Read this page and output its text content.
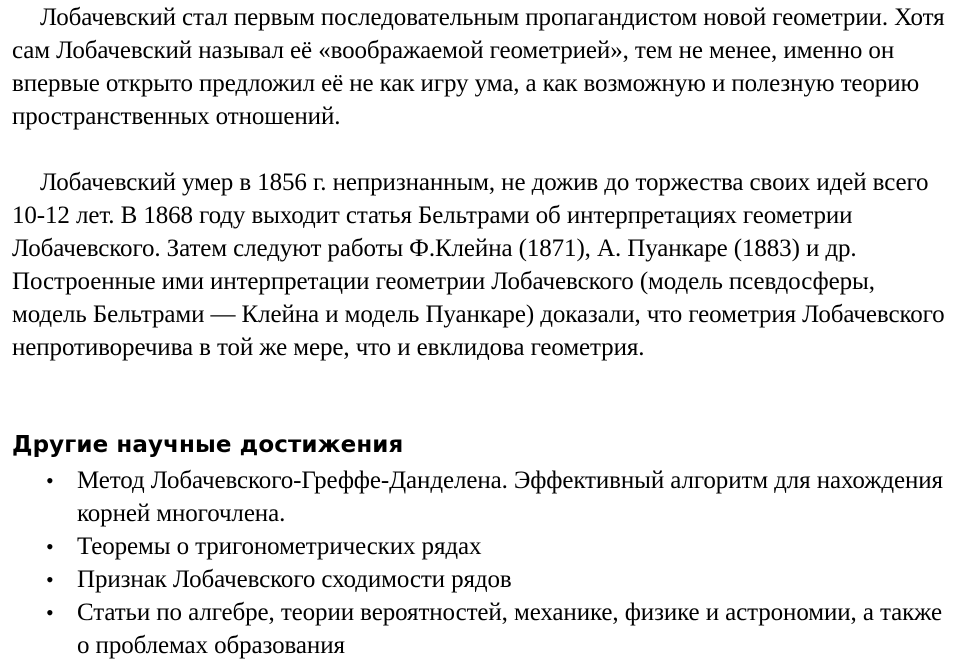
Лобачевский стал первым последовательным пропагандистом новой геометрии. Хотя сам Лобачевский называл её «воображаемой геометрией», тем не менее, именно он впервые открыто предложил её не как игру ума, а как возможную и полезную теорию пространственных отношений.

Лобачевский умер в 1856 г. непризнанным, не дожив до торжества своих идей всего 10-12 лет. В 1868 году выходит статья Бельтрами об интерпретациях геометрии Лобачевского. Затем следуют работы Ф.Клейна (1871), А. Пуанкаре (1883) и др. Построенные ими интерпретации геометрии Лобачевского (модель псевдосферы, модель Бельтрами — Клейна и модель Пуанкаре) доказали, что геометрия Лобачевского непротиворечива в той же мере, что и евклидова геометрия.

Другие научные достижения
• Метод Лобачевского-Греффе-Данделена. Эффективный алгоритм для нахождения корней многочлена.
• Теоремы о тригонометрических рядах
• Признак Лобачевского сходимости рядов
• Статьи по алгебре, теории вероятностей, механике, физике и астрономии, а также о проблемах образования
